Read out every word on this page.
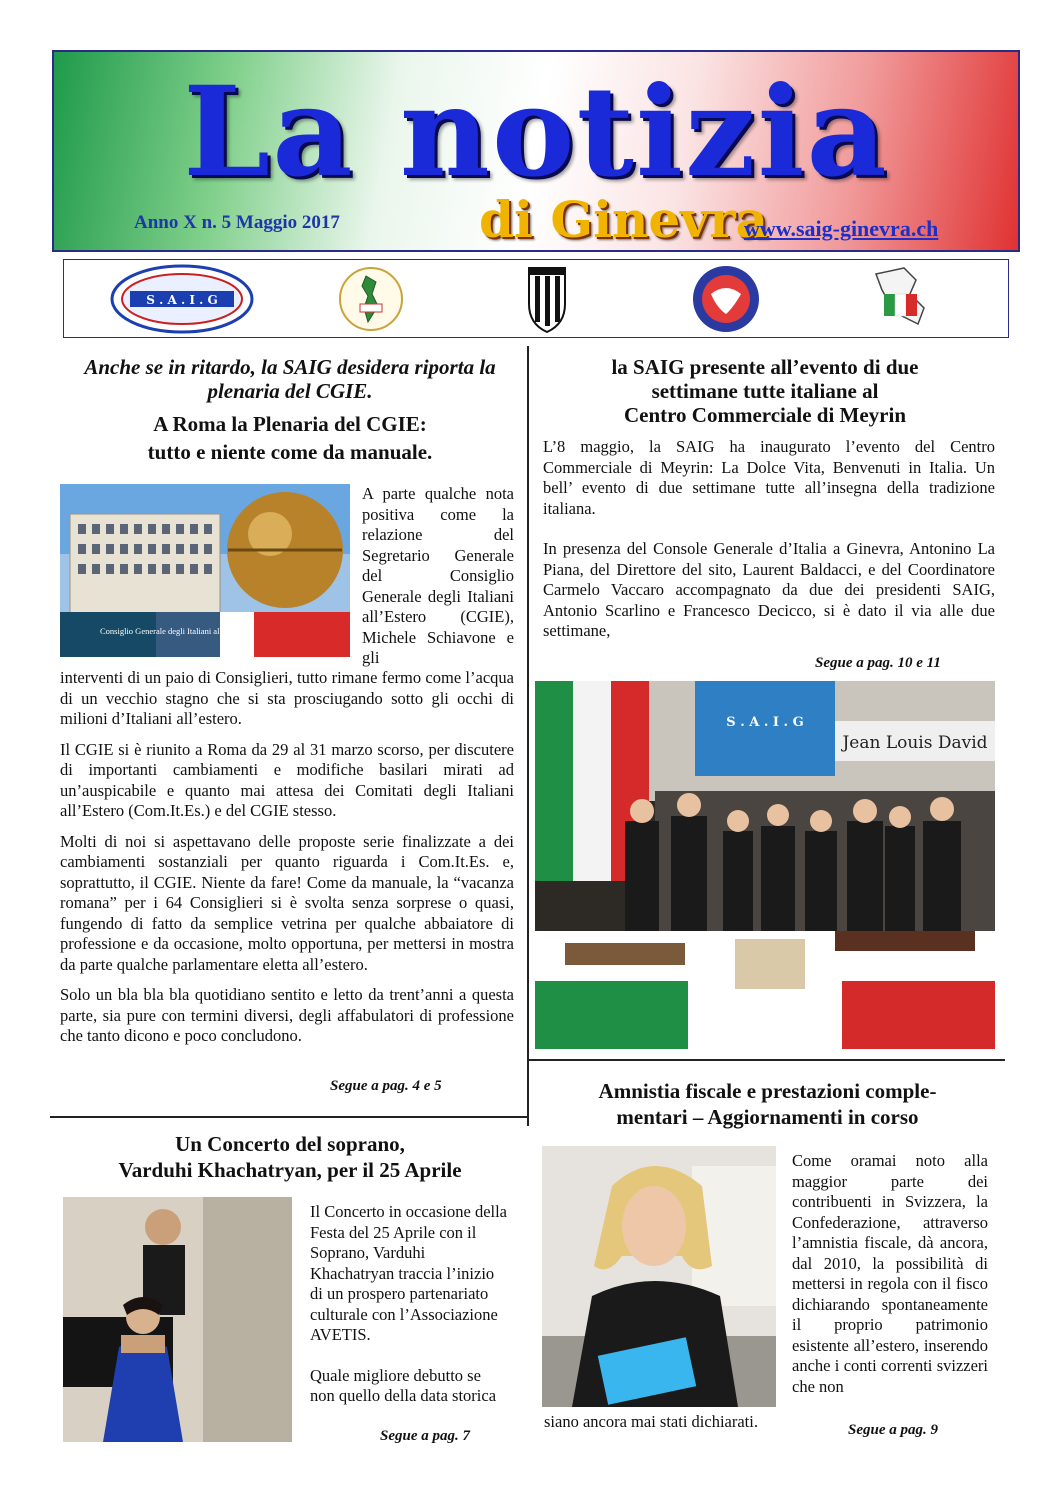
La notizia
Anno X n. 5 Maggio 2017	di Ginevra
www.saig-ginevra.ch
S . A . I . G
Anche se in ritardo, la SAIG desidera riporta la plenaria del CGIE.
A Roma la Plenaria del CGIE:
tutto e niente come da manuale.
Consiglio Generale degli Italiani all'Estero
A parte qualche nota positiva come la relazione del Segretario Generale del Consiglio Generale degli Italiani all’Estero (CGIE), Michele Schiavone e gli

interventi di un paio di Consiglieri, tutto rimane fermo come l’acqua di un vecchio stagno che si sta prosciugando sotto gli occhi di milioni d’Italiani all’estero.

Il CGIE si è riunito a Roma da 29 al 31 marzo scorso, per discutere di importanti cambiamenti e modifiche basilari mirati ad un’auspicabile e quanto mai attesa dei Comitati degli Italiani all’Estero (Com.It.Es.) e del CGIE stesso.

Molti di noi si aspettavano delle proposte serie finalizzate a dei cambiamenti sostanziali per quanto riguarda i Com.It.Es. e, soprattutto, il CGIE. Niente da fare! Come da manuale, la “vacanza romana” per i 64 Consiglieri si è svolta senza sorprese o quasi, fungendo di fatto da semplice vetrina per qualche abbaiatore di professione e da occasione, molto opportuna, per mettersi in mostra da parte qualche parlamentare eletta all’estero.

Solo un bla bla bla quotidiano sentito e letto da trent’anni a questa parte, sia pure con termini diversi, degli affabulatori di professione che tanto dicono e poco concludono.

Segue a pag. 4 e 5
la SAIG presente all’evento di due
settimane tutte italiane al
Centro Commerciale di Meyrin

L’8 maggio, la SAIG ha inaugurato l’evento del Centro Commerciale di Meyrin: La Dolce Vita, Benvenuti in Italia. Un bell’ evento di due settimane tutte all’insegna della tradizione italiana.

In presenza del Console Generale d’Italia a Ginevra, Antonino La Piana, del Direttore del sito, Laurent Baldacci, e del Coordinatore Carmelo Vaccaro accompagnato da due dei presidenti SAIG, Antonio Scarlino e Francesco Decicco, si è dato il via alle due settimane,

Segue a pag. 10 e 11
S . A . I . G
Jean Louis David
Un Concerto del soprano,
Varduhi Khachatryan, per il 25 Aprile

Il Concerto in occasione della Festa del 25 Aprile con il Soprano, Varduhi Khachatryan traccia l’inizio di un prospero partenariato culturale con l’Associazione AVETIS.

Quale migliore debutto se non quello della data storica

Segue a pag. 7
Amnistia fiscale e prestazioni comple-
mentari – Aggiornamenti in corso
Come oramai noto alla maggior parte dei contribuenti in Svizzera, la Confederazione, attraverso l’amnistia fiscale, dà ancora, dal 2010, la possibilità di mettersi in regola con il fisco dichiarando spontaneamente il proprio patrimonio esistente all’estero, inserendo anche i conti correnti svizzeri che non
siano ancora mai stati dichiarati.	Segue a pag. 9
